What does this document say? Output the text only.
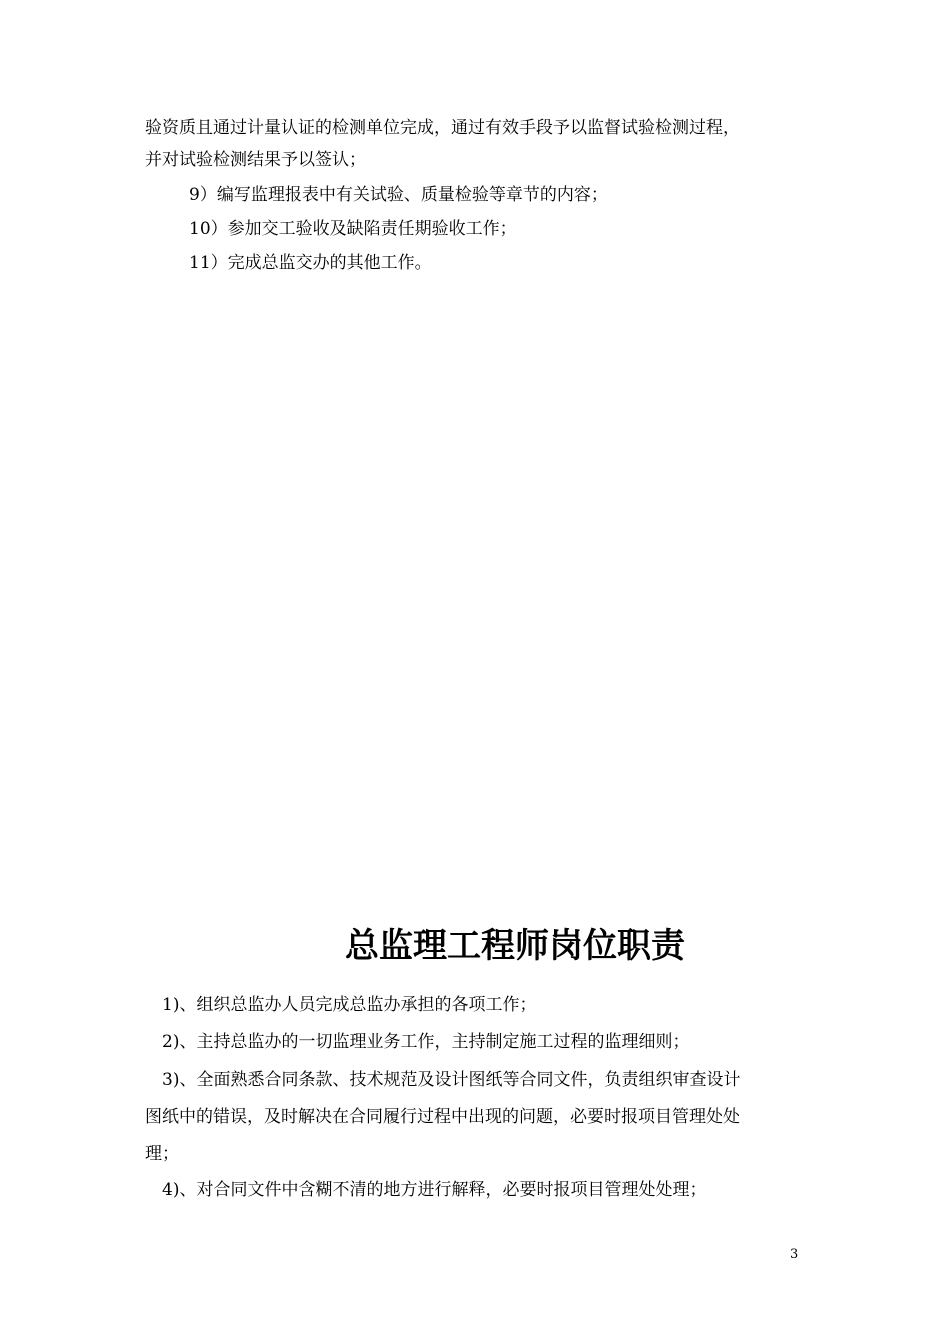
验资质且通过计量认证的检测单位完成，通过有效手段予以监督试验检测过程，
并对试验检测结果予以签认；
9）编写监理报表中有关试验、质量检验等章节的内容；
10）参加交工验收及缺陷责任期验收工作；
11）完成总监交办的其他工作。
总监理工程师岗位职责
1)、组织总监办人员完成总监办承担的各项工作；
2)、主持总监办的一切监理业务工作，主持制定施工过程的监理细则；
3)、全面熟悉合同条款、技术规范及设计图纸等合同文件，负责组织审查设计
图纸中的错误，及时解决在合同履行过程中出现的问题，必要时报项目管理处处
理；
4)、对合同文件中含糊不清的地方进行解释，必要时报项目管理处处理；
3
